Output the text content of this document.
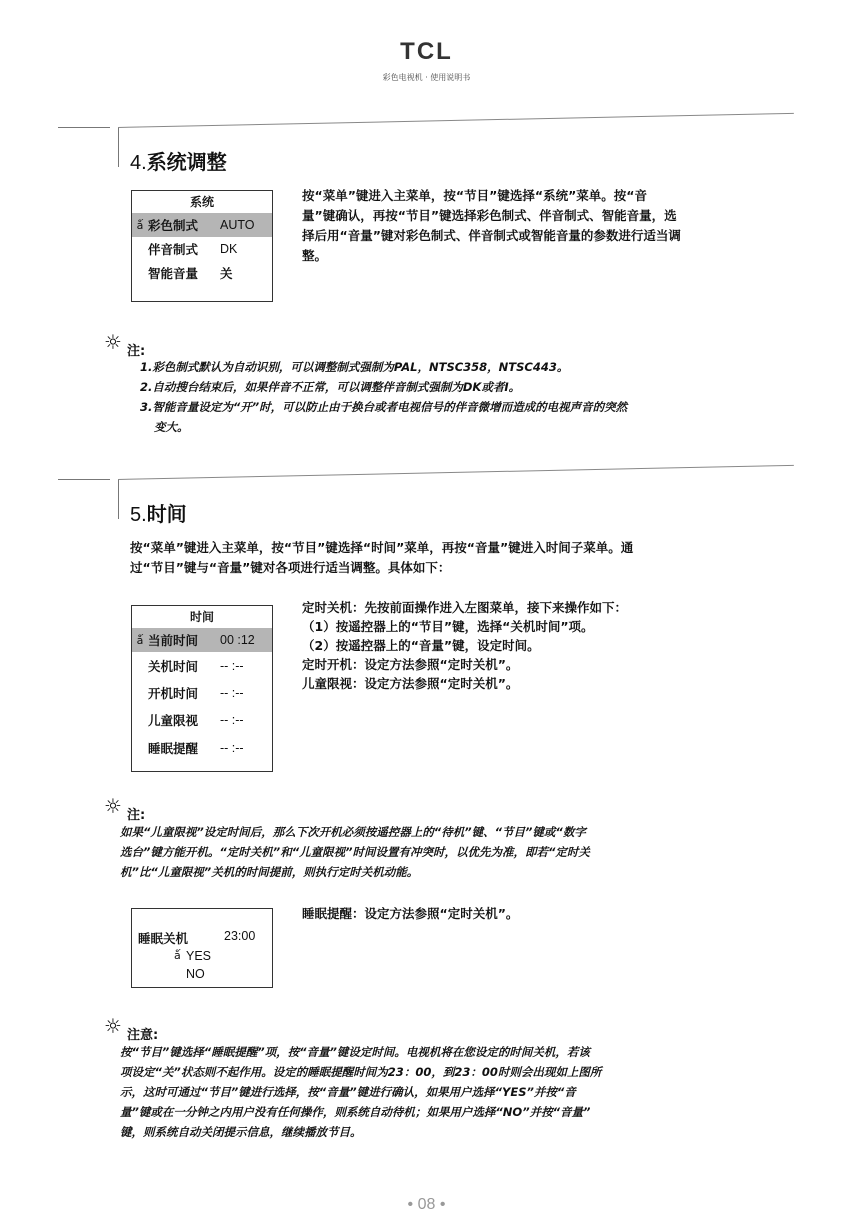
TCL
彩色电视机 · 使用说明书
4.系统调整
系统
ǻ 彩色制式	AUTO
伴音制式	DK
智能音量	关
按“菜单”键进入主菜单，按“节目”键选择“系统”菜单。按“音
量”键确认，再按“节目”键选择彩色制式、伴音制式、智能音量，选
择后用“音量”键对彩色制式、伴音制式或智能音量的参数进行适当调
整。
☼ 注:
1.彩色制式默认为自动识别，可以调整制式强制为PAL，NTSC358，NTSC443。
2.自动搜台结束后，如果伴音不正常，可以调整伴音制式强制为DK或者I。
3.智能音量设定为“开”时，可以防止由于换台或者电视信号的伴音微增而造成的电视声音的突然
变大。
5.时间
按“菜单”键进入主菜单，按“节目”键选择“时间”菜单，再按“音量”键进入时间子菜单。通
过“节目”键与“音量”键对各项进行适当调整。具体如下：
时间
ǻ 当前时间	00 :12
关机时间	-- :--
开机时间	-- :--
儿童限视	-- :--
睡眠提醒	-- :--
定时关机：先按前面操作进入左图菜单，接下来操作如下：
（1）按遥控器上的“节目”键，选择“关机时间”项。
（2）按遥控器上的“音量”键，设定时间。
定时开机：设定方法参照“定时关机”。
儿童限视：设定方法参照“定时关机”。
☼ 注:
如果“儿童限视”设定时间后，那么下次开机必须按遥控器上的“待机”键、“节目”键或“数字
选台”键方能开机。“定时关机”和“儿童限视”时间设置有冲突时，以优先为准，即若“定时关
机”比“儿童限视”关机的时间提前，则执行定时关机动能。
睡眠关机	23:00
ǻ YES
NO
睡眠提醒：设定方法参照“定时关机”。
☼ 注意:
按“节目”键选择“睡眠提醒”项，按“音量”键设定时间。电视机将在您设定的时间关机，若该
项设定“关”状态则不起作用。设定的睡眠提醒时间为23：00，到23：00时则会出现如上图所
示，这时可通过“节目”键进行选择，按“音量”键进行确认，如果用户选择“YES”并按“音
量”键或在一分钟之内用户没有任何操作，则系统自动待机；如果用户选择“NO”并按“音量”
键，则系统自动关闭提示信息，继续播放节目。
• 08 •
